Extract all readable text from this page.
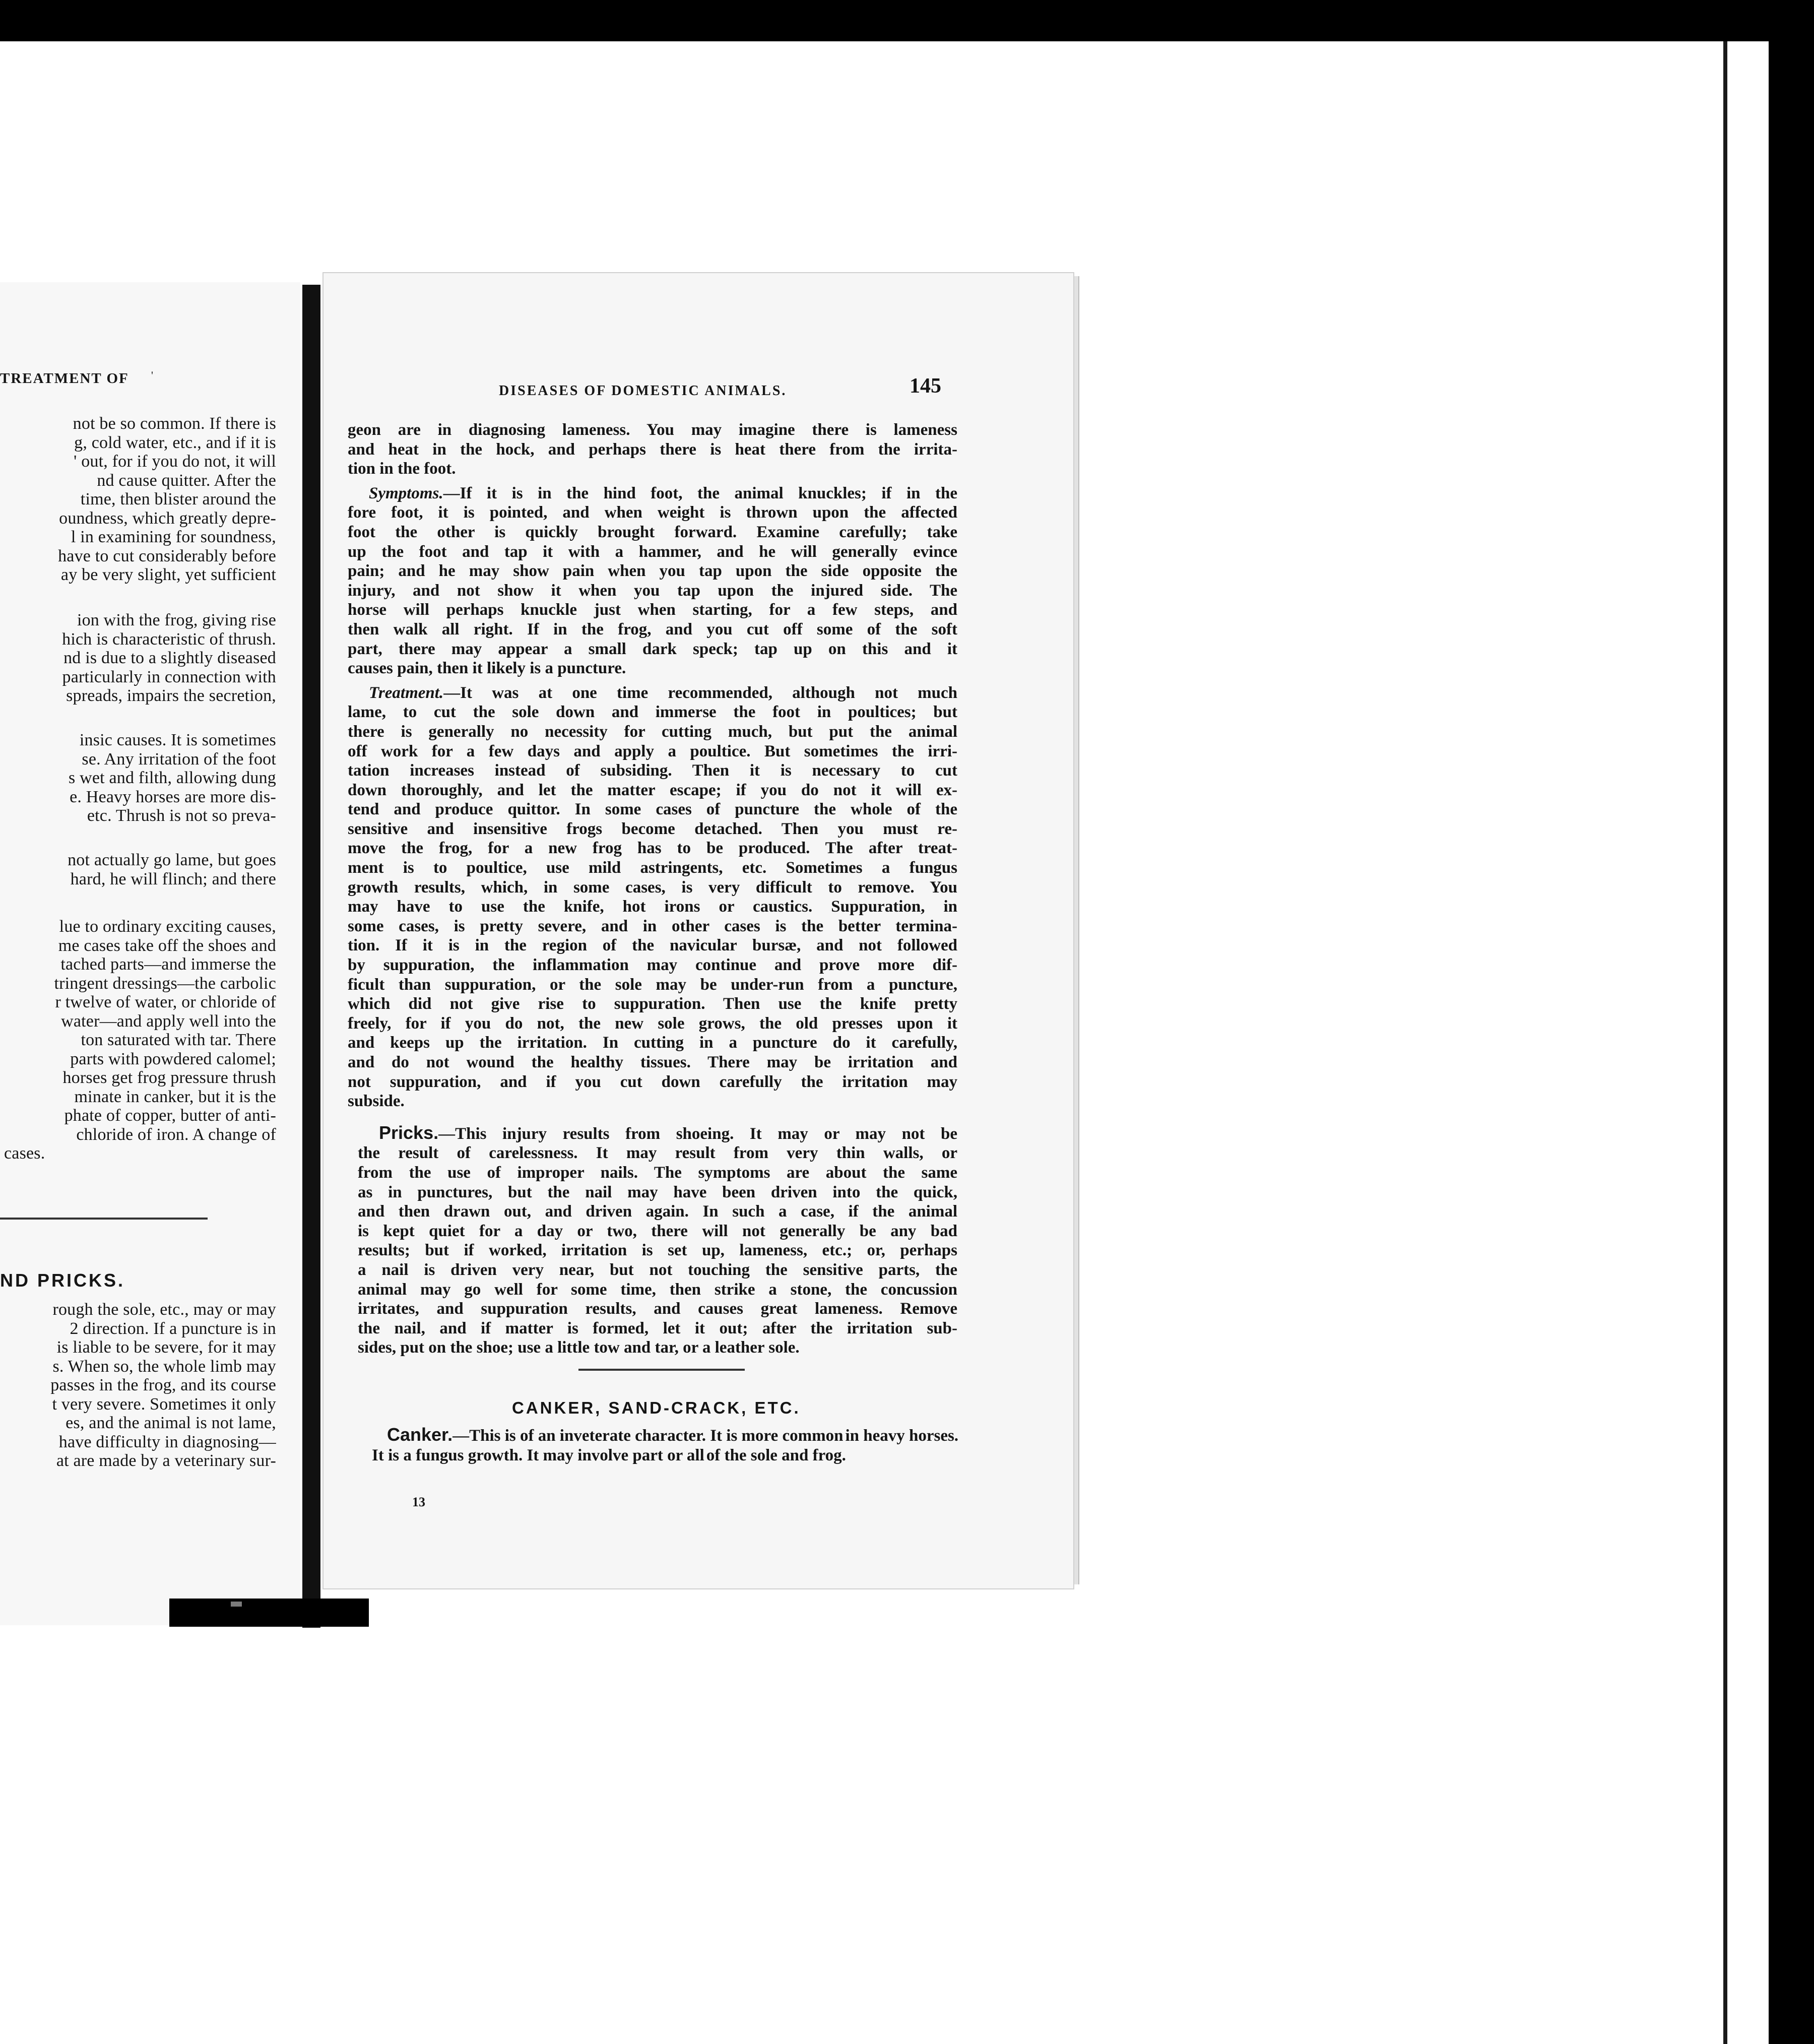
TREATMENT OF '
not be so common. If there is
g, cold water, etc., and if it is
' out, for if you do not, it will
nd cause quitter. After the
time, then blister around the
oundness, which greatly depre-
l in examining for soundness,
have to cut considerably before
ay be very slight, yet sufficient
ion with the frog, giving rise
hich is characteristic of thrush.
nd is due to a slightly diseased
particularly in connection with
spreads, impairs the secretion,
insic causes. It is sometimes
se. Any irritation of the foot
s wet and filth, allowing dung
e. Heavy horses are more dis-
etc. Thrush is not so preva-
not actually go lame, but goes
hard, he will flinch; and there
lue to ordinary exciting causes,
me cases take off the shoes and
tached parts—and immerse the
tringent dressings—the carbolic
r twelve of water, or chloride of
water—and apply well into the
ton saturated with tar. There
parts with powdered calomel;
horses get frog pressure thrush
minate in canker, but it is the
phate of copper, butter of anti-
chloride of iron. A change of
cases.
ND PRICKS.
rough the sole, etc., may or may
2 direction. If a puncture is in
is liable to be severe, for it may
s. When so, the whole limb may
passes in the frog, and its course
t very severe. Sometimes it only
es, and the animal is not lame,
have difficulty in diagnosing—
at are made by a veterinary sur-
DISEASES OF DOMESTIC ANIMALS.	145

geon are in diagnosing lameness. You may imagine there is lameness
and heat in the hock, and perhaps there is heat there from the irrita-
tion in the foot.

Symptoms.—If it is in the hind foot, the animal knuckles; if in the
fore foot, it is pointed, and when weight is thrown upon the affected
foot the other is quickly brought forward. Examine carefully; take
up the foot and tap it with a hammer, and he will generally evince
pain; and he may show pain when you tap upon the side opposite the
injury, and not show it when you tap upon the injured side. The
horse will perhaps knuckle just when starting, for a few steps, and
then walk all right. If in the frog, and you cut off some of the soft
part, there may appear a small dark speck; tap up on this and it
causes pain, then it likely is a puncture.

Treatment.—It was at one time recommended, although not much
lame, to cut the sole down and immerse the foot in poultices; but
there is generally no necessity for cutting much, but put the animal
off work for a few days and apply a poultice. But sometimes the irri-
tation increases instead of subsiding. Then it is necessary to cut
down thoroughly, and let the matter escape; if you do not it will ex-
tend and produce quittor. In some cases of puncture the whole of the
sensitive and insensitive frogs become detached. Then you must re-
move the frog, for a new frog has to be produced. The after treat-
ment is to poultice, use mild astringents, etc. Sometimes a fungus
growth results, which, in some cases, is very difficult to remove. You
may have to use the knife, hot irons or caustics. Suppuration, in
some cases, is pretty severe, and in other cases is the better termina-
tion. If it is in the region of the navicular bursæ, and not followed
by suppuration, the inflammation may continue and prove more dif-
ficult than suppuration, or the sole may be under-run from a puncture,
which did not give rise to suppuration. Then use the knife pretty
freely, for if you do not, the new sole grows, the old presses upon it
and keeps up the irritation. In cutting in a puncture do it carefully,
and do not wound the healthy tissues. There may be irritation and
not suppuration, and if you cut down carefully the irritation may
subside.

Pricks.—This injury results from shoeing. It may or may not be
the result of carelessness. It may result from very thin walls, or
from the use of improper nails. The symptoms are about the same
as in punctures, but the nail may have been driven into the quick,
and then drawn out, and driven again. In such a case, if the animal
is kept quiet for a day or two, there will not generally be any bad
results; but if worked, irritation is set up, lameness, etc.; or, perhaps
a nail is driven very near, but not touching the sensitive parts, the
animal may go well for some time, then strike a stone, the concussion
irritates, and suppuration results, and causes great lameness. Remove
the nail, and if matter is formed, let it out; after the irritation sub-
sides, put on the shoe; use a little tow and tar, or a leather sole.

CANKER, SAND-CRACK, ETC.
Canker.—This is of an inveterate character. It is more common in heavy horses. It is a fungus growth. It may involve part or all of the sole and frog.
13
